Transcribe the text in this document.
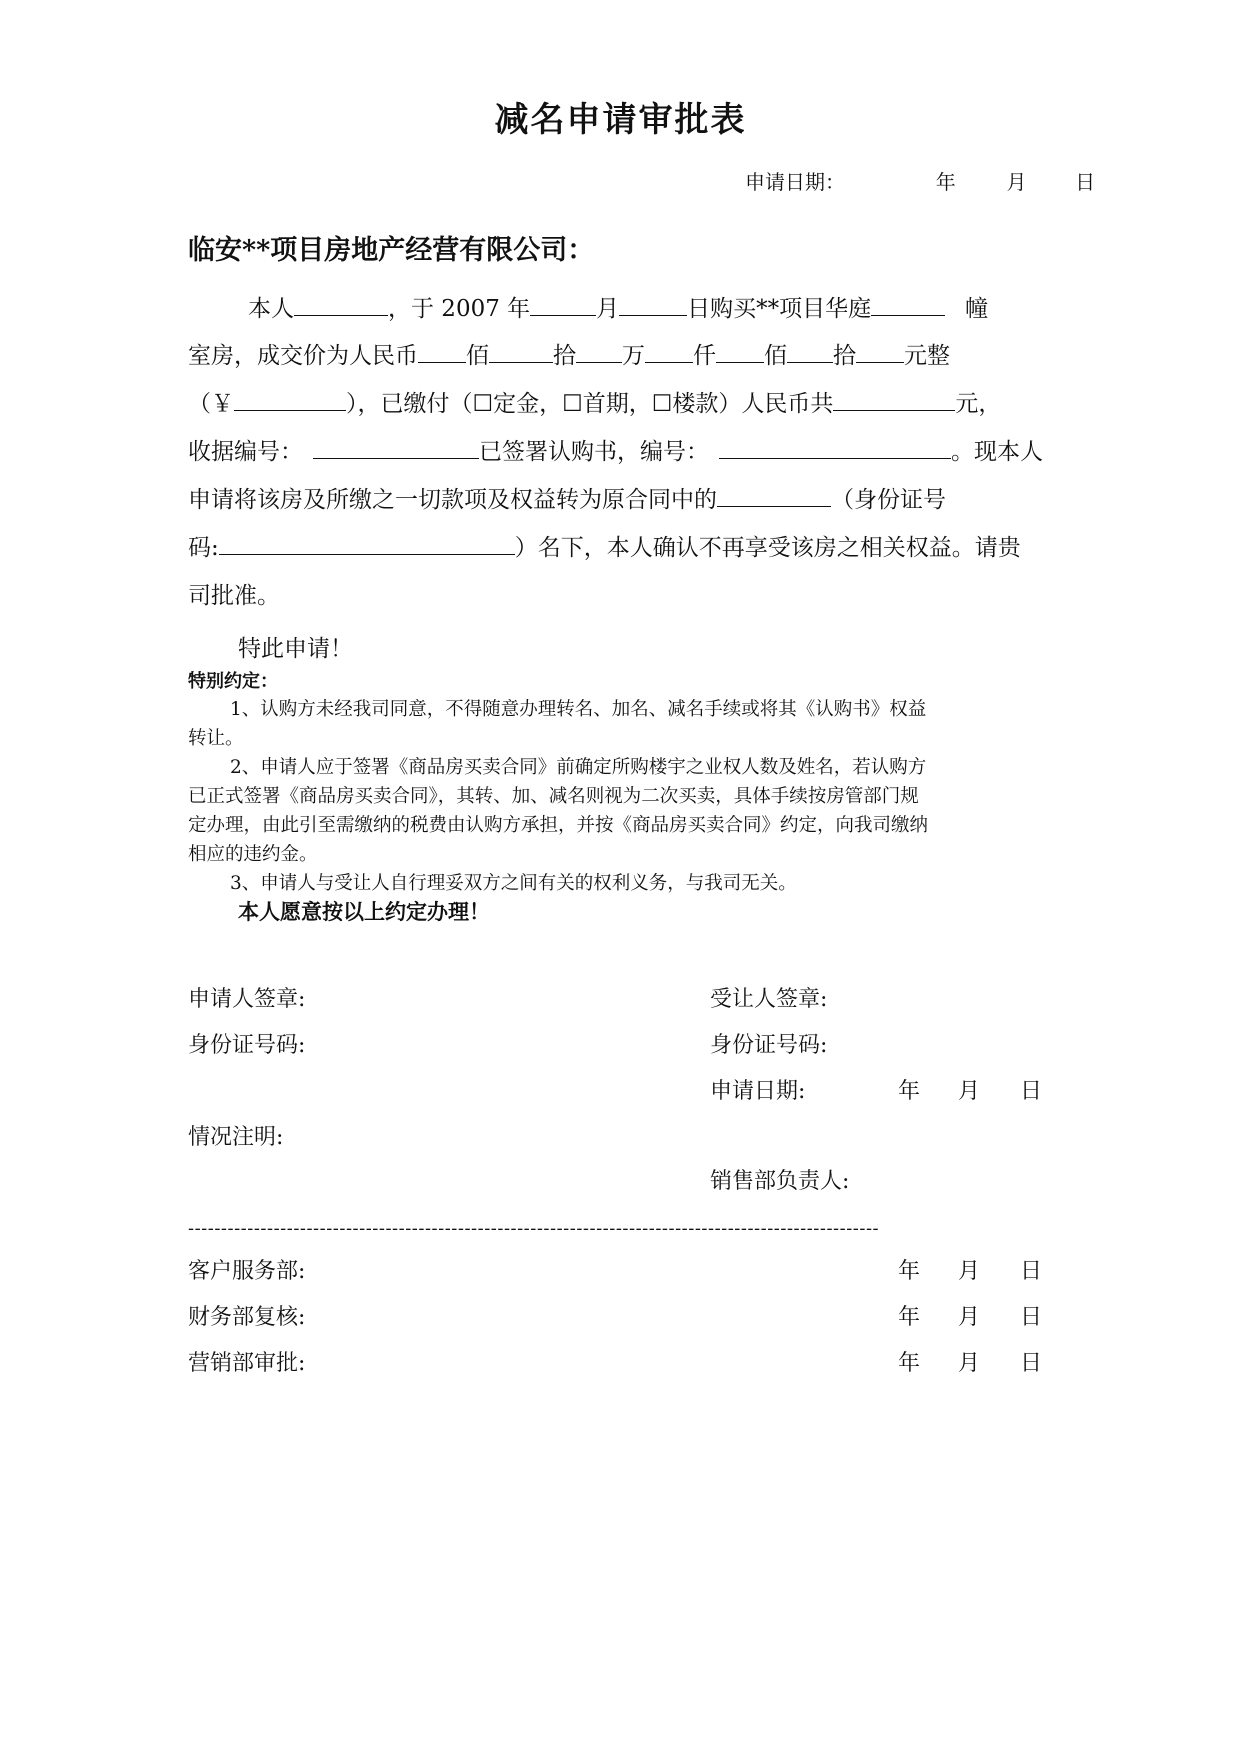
减名申请审批表
申请日期：	年	月 日
临安**项目房地产经营有限公司：
本人	，于 2007 年	月	日购买**项目华庭	幢
室房，成交价为人民币 佰	拾 万 仟 佰 拾 元整
（￥	），已缴付（☐定金，☐首期，☐楼款）人民币共	元，
收据编号：	已签署认购书，编号：	。现本人
申请将该房及所缴之一切款项及权益转为原合同中的	（身份证号
码:	）名下，本人确认不再享受该房之相关权益。请贵
司批准。
特此申请！
特别约定：
1、认购方未经我司同意，不得随意办理转名、加名、减名手续或将其《认购书》权益
转让。
2、申请人应于签署《商品房买卖合同》前确定所购楼宇之业权人数及姓名，若认购方
已正式签署《商品房买卖合同》，其转、加、减名则视为二次买卖，具体手续按房管部门规
定办理，由此引至需缴纳的税费由认购方承担，并按《商品房买卖合同》约定，向我司缴纳
相应的违约金。
3、申请人与受让人自行理妥双方之间有关的权利义务，与我司无关。
本人愿意按以上约定办理！
申请人签章:	受让人签章:
身份证号码:	身份证号码:
申请日期:	年 月 日
情况注明:
销售部负责人:
---------------------------------------------------------------------------------------------------------
客户服务部:	年 月 日
财务部复核:	年 月 日
营销部审批:	年 月 日
